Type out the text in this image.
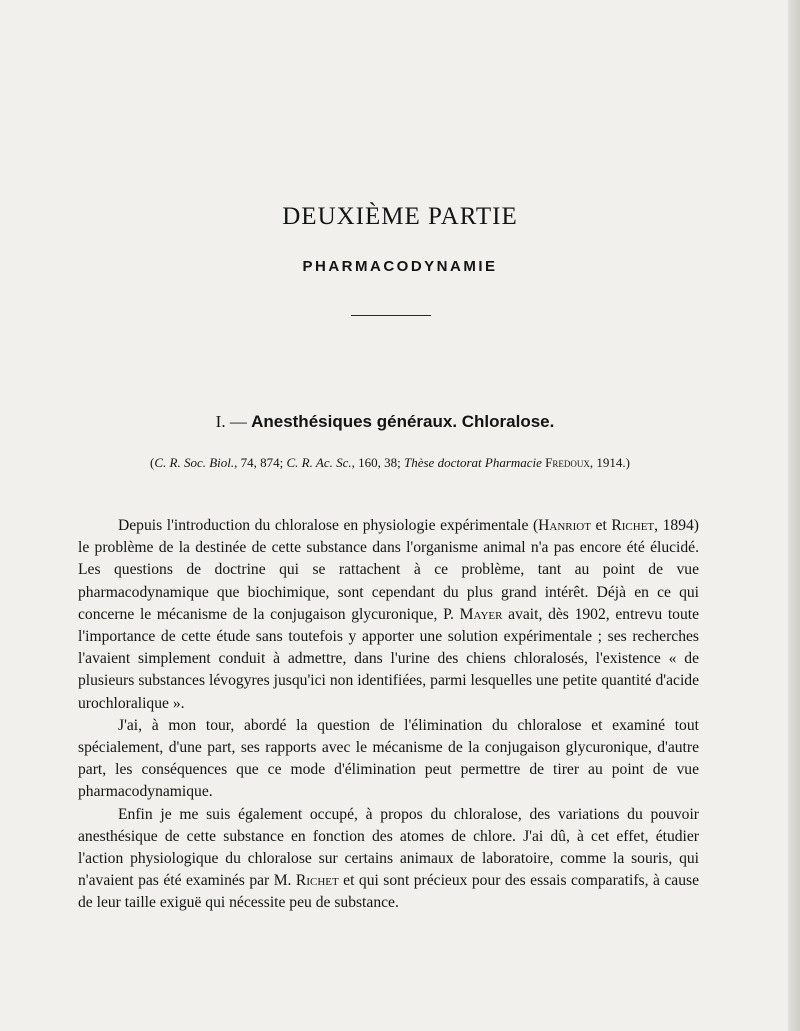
DEUXIÈME PARTIE
PHARMACODYNAMIE
I. — Anesthésiques généraux. Chloralose.
(C. R. Soc. Biol., 74, 874; C. R. Ac. Sc., 160, 38; Thèse doctorat Pharmacie Fredoux, 1914.)

Depuis l'introduction du chloralose en physiologie expérimentale (Hanriot et Richet, 1894) le problème de la destinée de cette substance dans l'organisme animal n'a pas encore été élucidé. Les questions de doctrine qui se rattachent à ce problème, tant au point de vue pharmacodynamique que biochimique, sont cependant du plus grand intérêt. Déjà en ce qui concerne le mécanisme de la conjugaison glycuronique, P. Mayer avait, dès 1902, entrevu toute l'importance de cette étude sans toutefois y apporter une solution expérimentale ; ses recherches l'avaient simplement conduit à admettre, dans l'urine des chiens chloralosés, l'existence « de plusieurs substances lévogyres jusqu'ici non identifiées, parmi lesquelles une petite quantité d'acide urochloralique ».

J'ai, à mon tour, abordé la question de l'élimination du chloralose et examiné tout spécialement, d'une part, ses rapports avec le mécanisme de la conjugaison glycuronique, d'autre part, les conséquences que ce mode d'élimination peut permettre de tirer au point de vue pharmacodynamique.

Enfin je me suis également occupé, à propos du chloralose, des variations du pouvoir anesthésique de cette substance en fonction des atomes de chlore. J'ai dû, à cet effet, étudier l'action physiologique du chloralose sur certains animaux de laboratoire, comme la souris, qui n'avaient pas été examinés par M. Richet et qui sont précieux pour des essais comparatifs, à cause de leur taille exiguë qui nécessite peu de substance.
